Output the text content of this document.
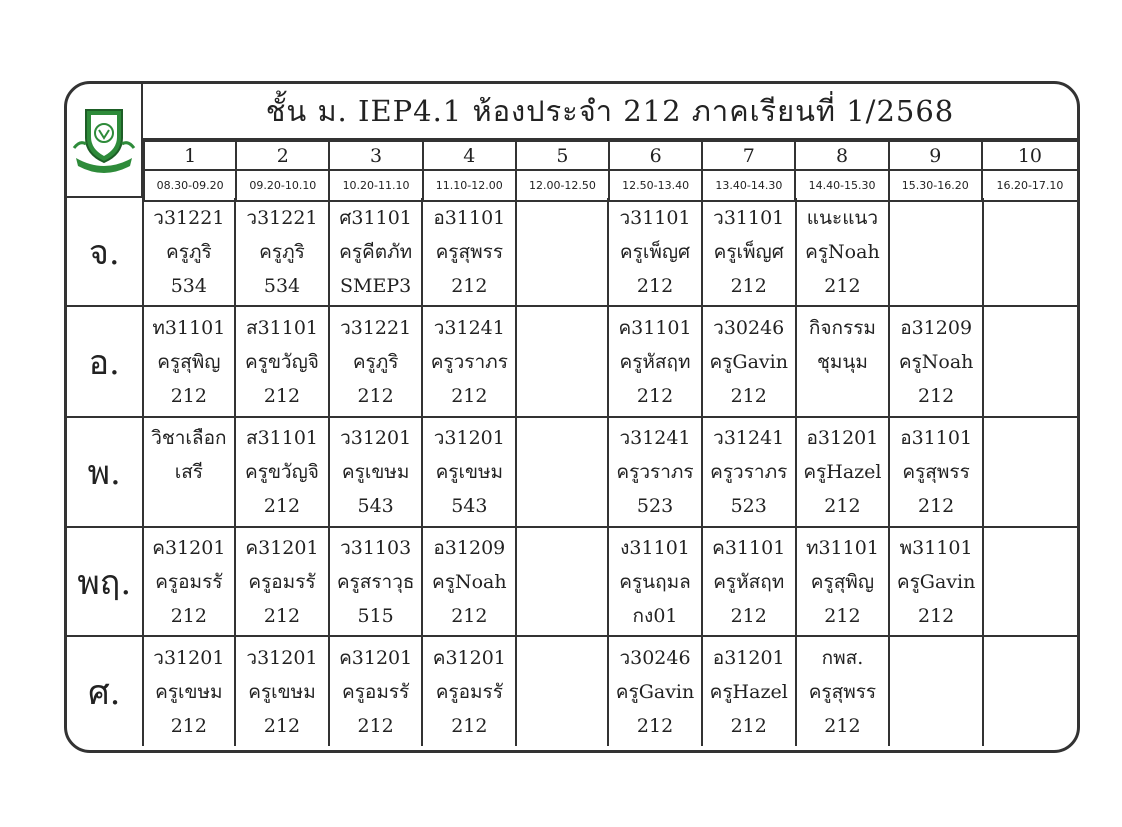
ชั้น ม. IEP4.1 ห้องประจำ 212 ภาคเรียนที่ 1/2568
1	2	3	4	5	6	7	8	9	10
08.30-09.20	09.20-10.10	10.20-11.10	11.10-12.00	12.00-12.50	12.50-13.40	13.40-14.30	14.40-15.30	15.30-16.20	16.20-17.10
จ.	ว31221
ครูภูริ
534	ว31221
ครูภูริ
534	ศ31101
ครูคีตภัท
SMEP3	อ31101
ครูสุพรร
212		ว31101
ครูเพ็ญศ
212	ว31101
ครูเพ็ญศ
212	แนะแนว
ครูNoah
212		

อ.	ท31101
ครูสุพิญ
212	ส31101
ครูขวัญจิ
212	ว31221
ครูภูริ
212	ว31241
ครูวราภร
212		ค31101
ครูหัสฤท
212	ว30246
ครูGavin
212	กิจกรรม
ชุมนุม	อ31209
ครูNoah
212	

พ.	วิชาเลือก
เสรี	ส31101
ครูขวัญจิ
212	ว31201
ครูเขษม
543	ว31201
ครูเขษม
543		ว31241
ครูวราภร
523	ว31241
ครูวราภร
523	อ31201
ครูHazel
212	อ31101
ครูสุพรร
212	

พฤ.	ค31201
ครูอมรรั
212	ค31201
ครูอมรรั
212	ว31103
ครูสราวุธ
515	อ31209
ครูNoah
212		ง31101
ครูนฤมล
กง01	ค31101
ครูหัสฤท
212	ท31101
ครูสุพิญ
212	พ31101
ครูGavin
212	

ศ.	ว31201
ครูเขษม
212	ว31201
ครูเขษม
212	ค31201
ครูอมรรั
212	ค31201
ครูอมรรั
212		ว30246
ครูGavin
212	อ31201
ครูHazel
212	กพส.
ครูสุพรร
212		
